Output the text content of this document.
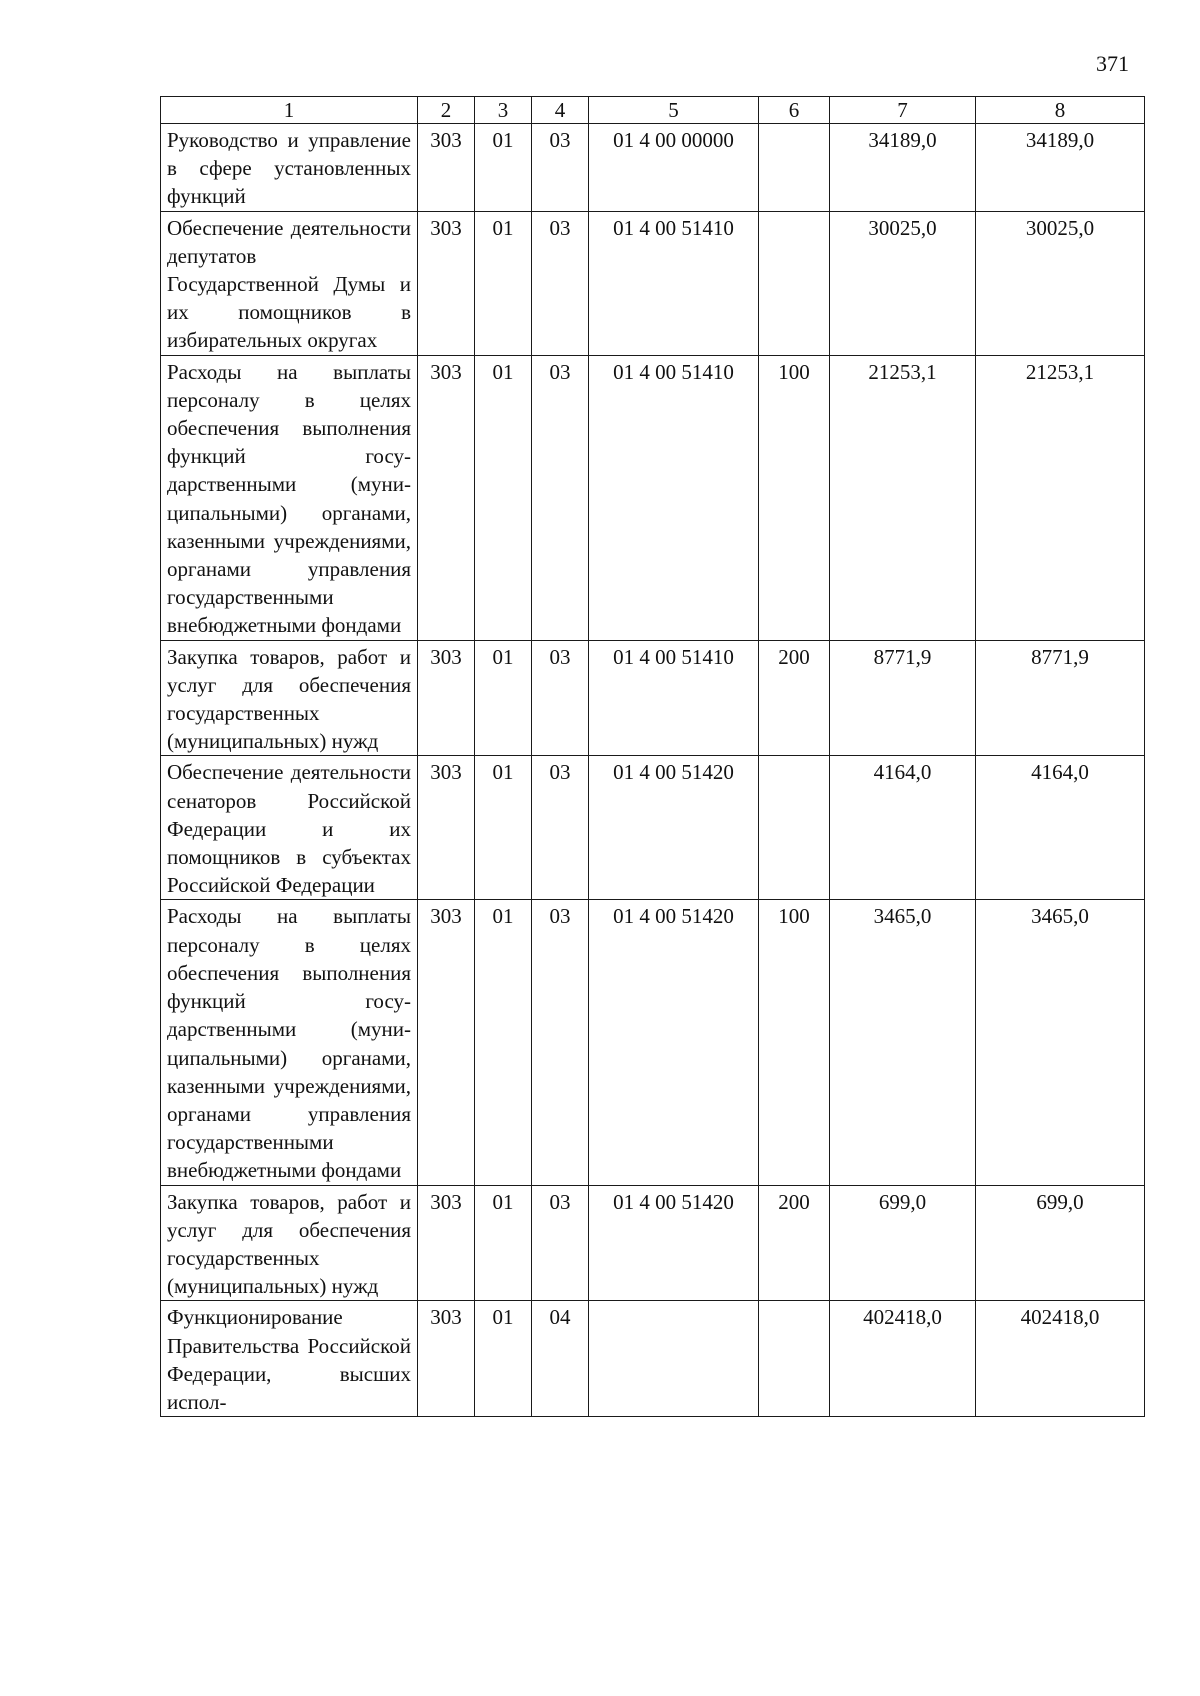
371
1	2	3	4	5	6	7	8
Руководство и управление в сфере установленных функций	303	01	03	01 4 00 00000		34189,0	34189,0
Обеспечение деятельности депутатов Государственной Думы и их помощников в избирательных округах	303	01	03	01 4 00 51410		30025,0	30025,0
Расходы на выплаты персоналу в целях обеспечения выполнения функций государственными (муниципальными) органами, казенными учреждениями, органами управления государственными внебюджетными фондами	303	01	03	01 4 00 51410	100	21253,1	21253,1
Закупка товаров, работ и услуг для обеспечения государственных (муниципальных) нужд	303	01	03	01 4 00 51410	200	8771,9	8771,9
Обеспечение деятельности сенаторов Российской Федерации и их помощников в субъектах Российской Федерации	303	01	03	01 4 00 51420		4164,0	4164,0
Расходы на выплаты персоналу в целях обеспечения выполнения функций государственными (муниципальными) органами, казенными учреждениями, органами управления государственными внебюджетными фондами	303	01	03	01 4 00 51420	100	3465,0	3465,0
Закупка товаров, работ и услуг для обеспечения государственных (муниципальных) нужд	303	01	03	01 4 00 51420	200	699,0	699,0
Функционирование Правительства Российской Федерации, высших испол-	303	01	04			402418,0	402418,0
